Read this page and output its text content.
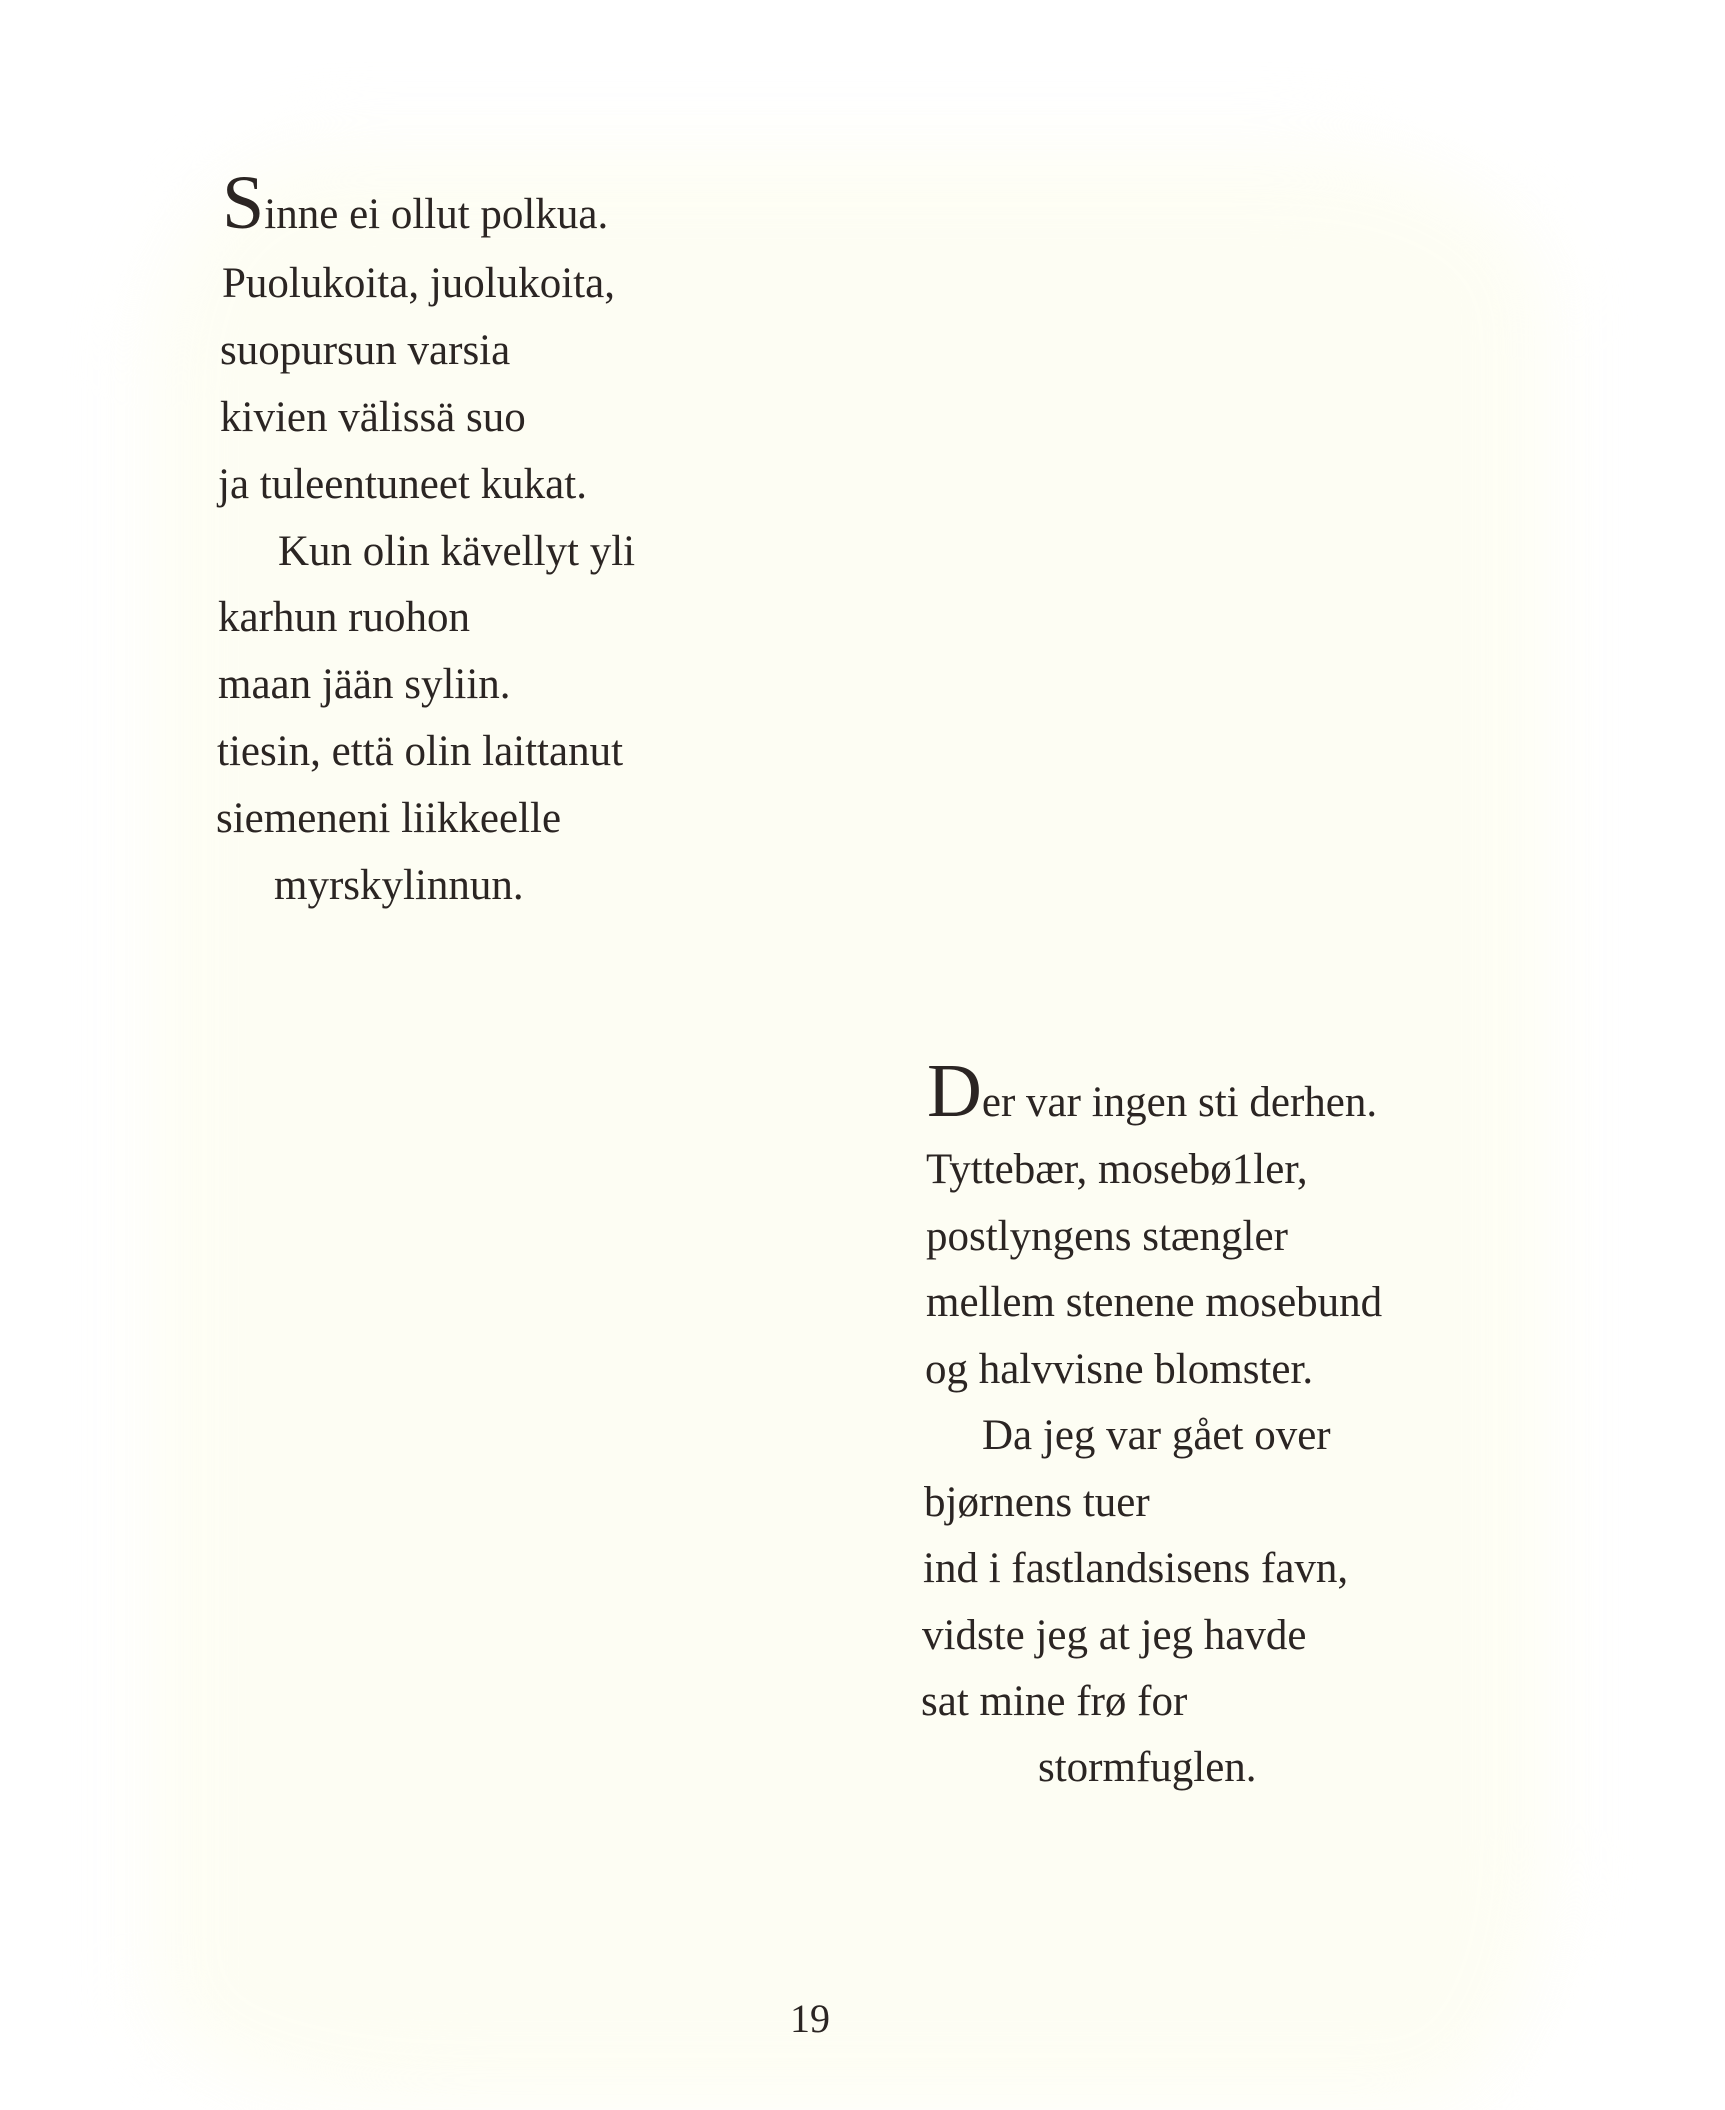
Sinne ei ollut polkua.
Puolukoita, juolukoita,
suopursun varsia
kivien välissä suo
ja tuleentuneet kukat.
Kun olin kävellyt yli
karhun ruohon
maan jään syliin.
tiesin, että olin laittanut
siemeneni liikkeelle
myrskylinnun.
Der var ingen sti derhen.
Tyttebær, mosebø1ler,
postlyngens stængler
mellem stenene mosebund
og halvvisne blomster.
Da jeg var gået over
bjørnens tuer
ind i fastlandsisens favn,
vidste jeg at jeg havde
sat mine frø for
stormfuglen.
19
